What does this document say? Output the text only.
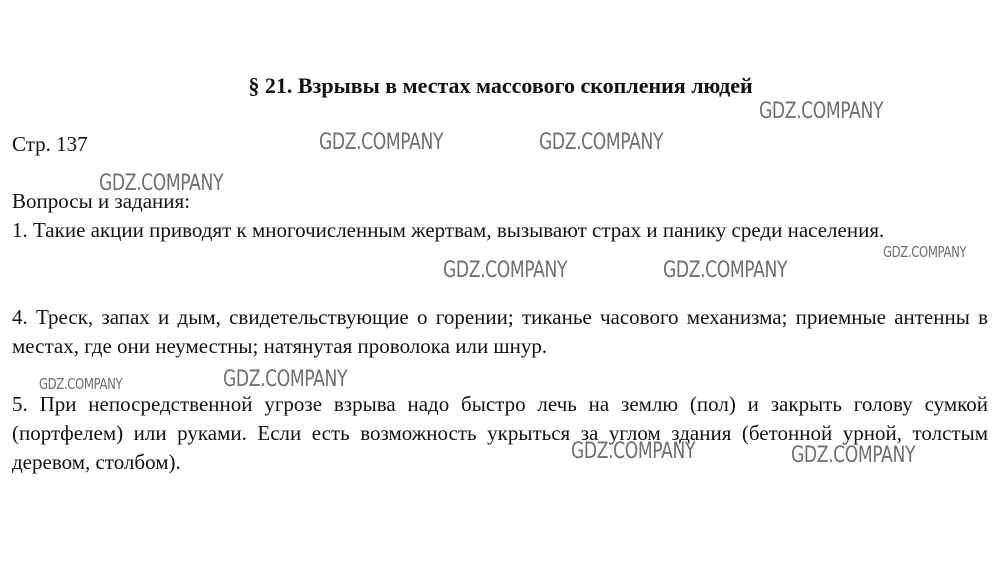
§ 21. Взрывы в местах массового скопления людей
Стр. 137
Вопросы и задания:
1. Такие акции приводят к многочисленным жертвам, вызывают страх и панику среди населения.
4. Треск, запах и дым, свидетельствующие о горении; тиканье часового механизма; приемные антенны в местах, где они неуместны; натянутая проволока или шнур.
5. При непосредственной угрозе взрыва надо быстро лечь на землю (пол) и закрыть голову сумкой (портфелем) или руками. Если есть возможность укрыться за углом здания (бетонной урной, толстым деревом, столбом).
GDZ.COMPANY
GDZ.COMPANY	GDZ.COMPANY
GDZ.COMPANY
GDZ.COMPANY
GDZ.COMPANY	GDZ.COMPANY
GDZ.COMPANY	GDZ.COMPANY
GDZ.COMPANY	GDZ.COMPANY
